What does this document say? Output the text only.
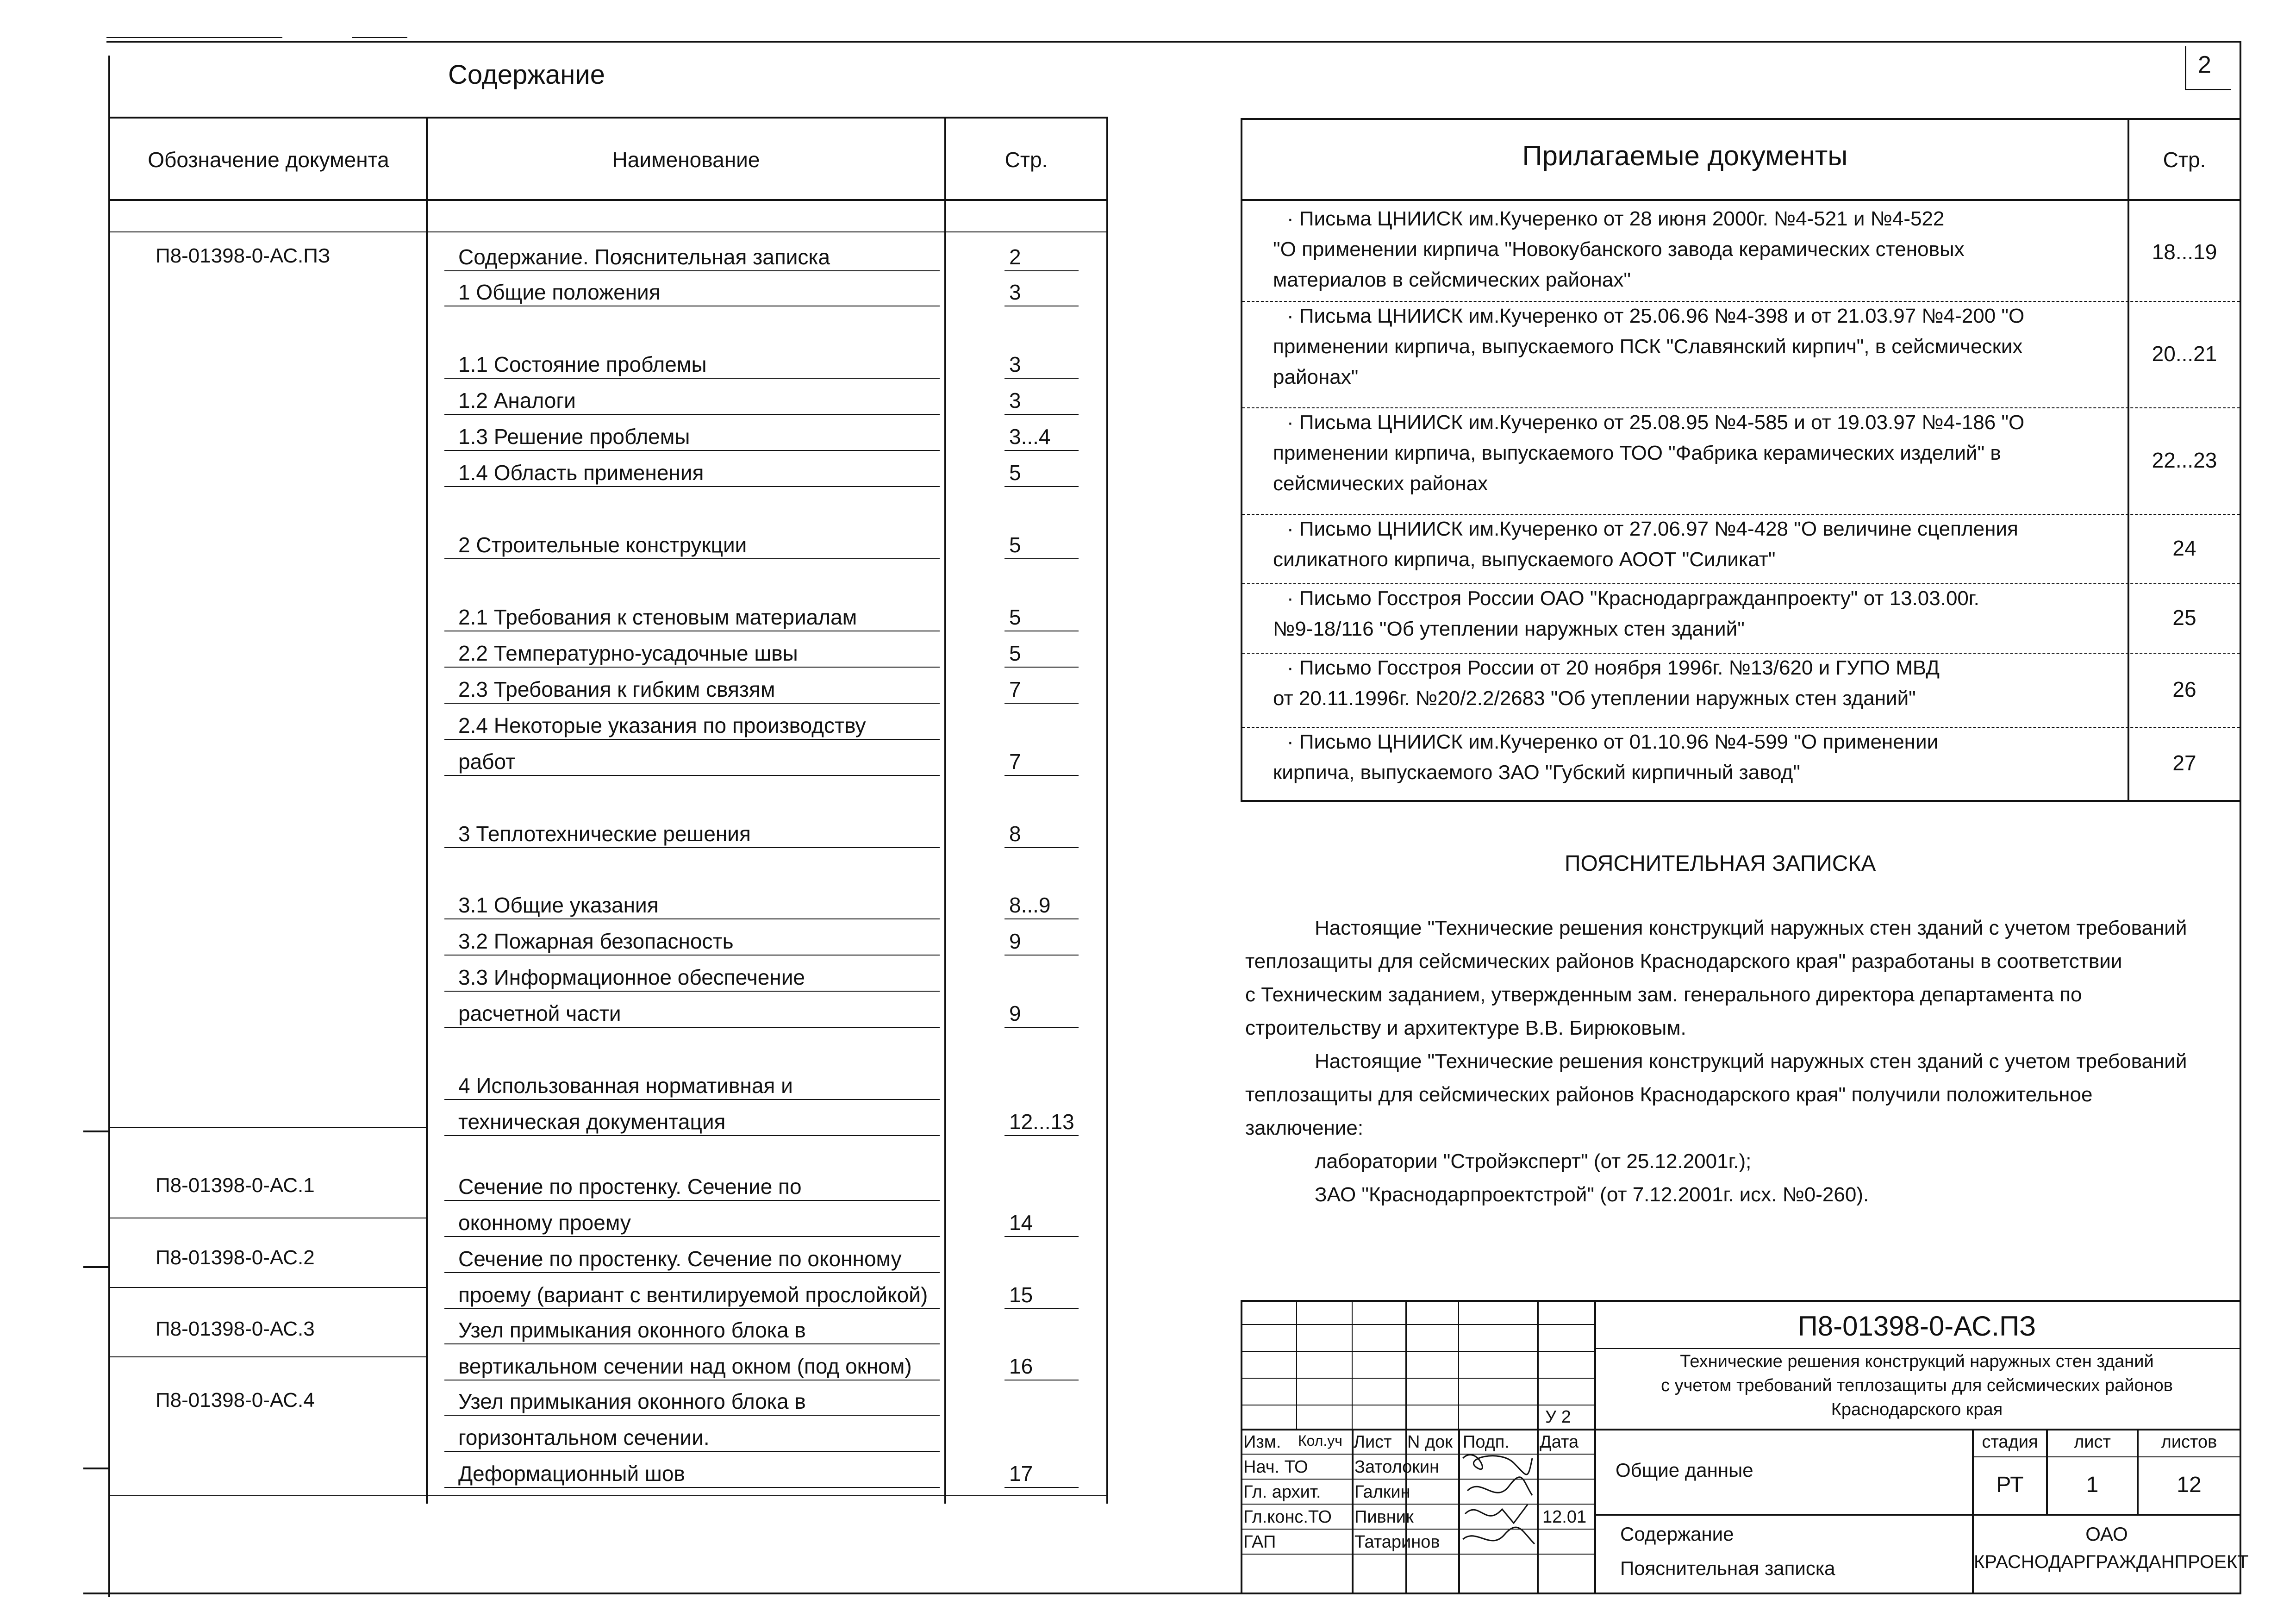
2
Содержание
Обозначение документа	Наименование	Стр.
П8-01398-0-АС.ПЗ	Содержание. Пояснительная записка	2
1 Общие положения	3
1.1 Состояние проблемы	3
1.2 Аналоги	3
1.3 Решение проблемы	3...4
1.4 Область применения	5
2 Строительные конструкции	5
2.1 Требования к стеновым материалам	5
2.2 Температурно-усадочные швы	5
2.3 Требования к гибким связям	7
2.4 Некоторые указания по производству
работ	7
3 Теплотехнические решения	8
3.1 Общие указания	8...9
3.2 Пожарная безопасность	9
3.3 Информационное обеспечение
расчетной части	9
4 Использованная нормативная и
техническая документация	12...13
П8-01398-0-АС.1	Сечение по простенку. Сечение по
оконному проему	14
П8-01398-0-АС.2	Сечение по простенку. Сечение по оконному
проему (вариант с вентилируемой прослойкой)	15
П8-01398-0-АС.3	Узел примыкания оконного блока в
вертикальном сечении над окном (под окном)	16
П8-01398-0-АС.4	Узел примыкания оконного блока в
горизонтальном сечении.
Деформационный шов	17
Прилагаемые документы	Стр.
· Письма ЦНИИСК им.Кучеренко от 28 июня 2000г. №4-521 и №4-522
"О применении кирпича "Новокубанского завода керамических стеновых
материалов в сейсмических районах"
18...19
· Письма ЦНИИСК им.Кучеренко от 25.06.96 №4-398 и от 21.03.97 №4-200 "О
применении кирпича, выпускаемого ПСК "Славянский кирпич", в сейсмических
районах"
20...21
· Письма ЦНИИСК им.Кучеренко от 25.08.95 №4-585 и от 19.03.97 №4-186 "О
применении кирпича, выпускаемого ТОО "Фабрика керамических изделий" в
сейсмических районах
22...23
· Письмо ЦНИИСК им.Кучеренко от 27.06.97 №4-428 "О величине сцепления
силикатного кирпича, выпускаемого АООТ "Силикат"	24
· Письмо Госстроя России ОАО "Краснодаргражданпроекту" от 13.03.00г.
№9-18/116 "Об утеплении наружных стен зданий"	25
· Письмо Госстроя России от 20 ноября 1996г. №13/620 и ГУПО МВД
от 20.11.1996г. №20/2.2/2683 "Об утеплении наружных стен зданий"	26
· Письмо ЦНИИСК им.Кучеренко от 01.10.96 №4-599 "О применении
кирпича, выпускаемого ЗАО "Губский кирпичный завод"	27
ПОЯСНИТЕЛЬНАЯ ЗАПИСКА
Настоящие "Технические решения конструкций наружных стен зданий с учетом требований
теплозащиты для сейсмических районов Краснодарского края" разработаны в соответствии
с Техническим заданием, утвержденным зам. генерального директора департамента по
строительству и архитектуре В.В. Бирюковым.
Настоящие "Технические решения конструкций наружных стен зданий с учетом требований
теплозащиты для сейсмических районов Краснодарского края" получили положительное
заключение:
лаборатории "Стройэксперт" (от 25.12.2001г.);
ЗАО "Краснодарпроектстрой" (от 7.12.2001г. исх. №0-260).
У 2
Изм. Кол.уч Лист N док Подп. Дата
Нач. ТО	Затолокин
Гл. архит. Галкин
Гл.конс.ТО Пивник
ГАП	Татаринов
12.01
П8-01398-0-АС.ПЗ
Технические решения конструкций наружных стен зданий
с учетом требований теплозащиты для сейсмических районов
Краснодарского края
Общие данные
стадия	лист	листов
РТ	1	12
Содержание
Пояснительная записка
ОАО
КРАСНОДАРГРАЖДАНПРОЕКТ
